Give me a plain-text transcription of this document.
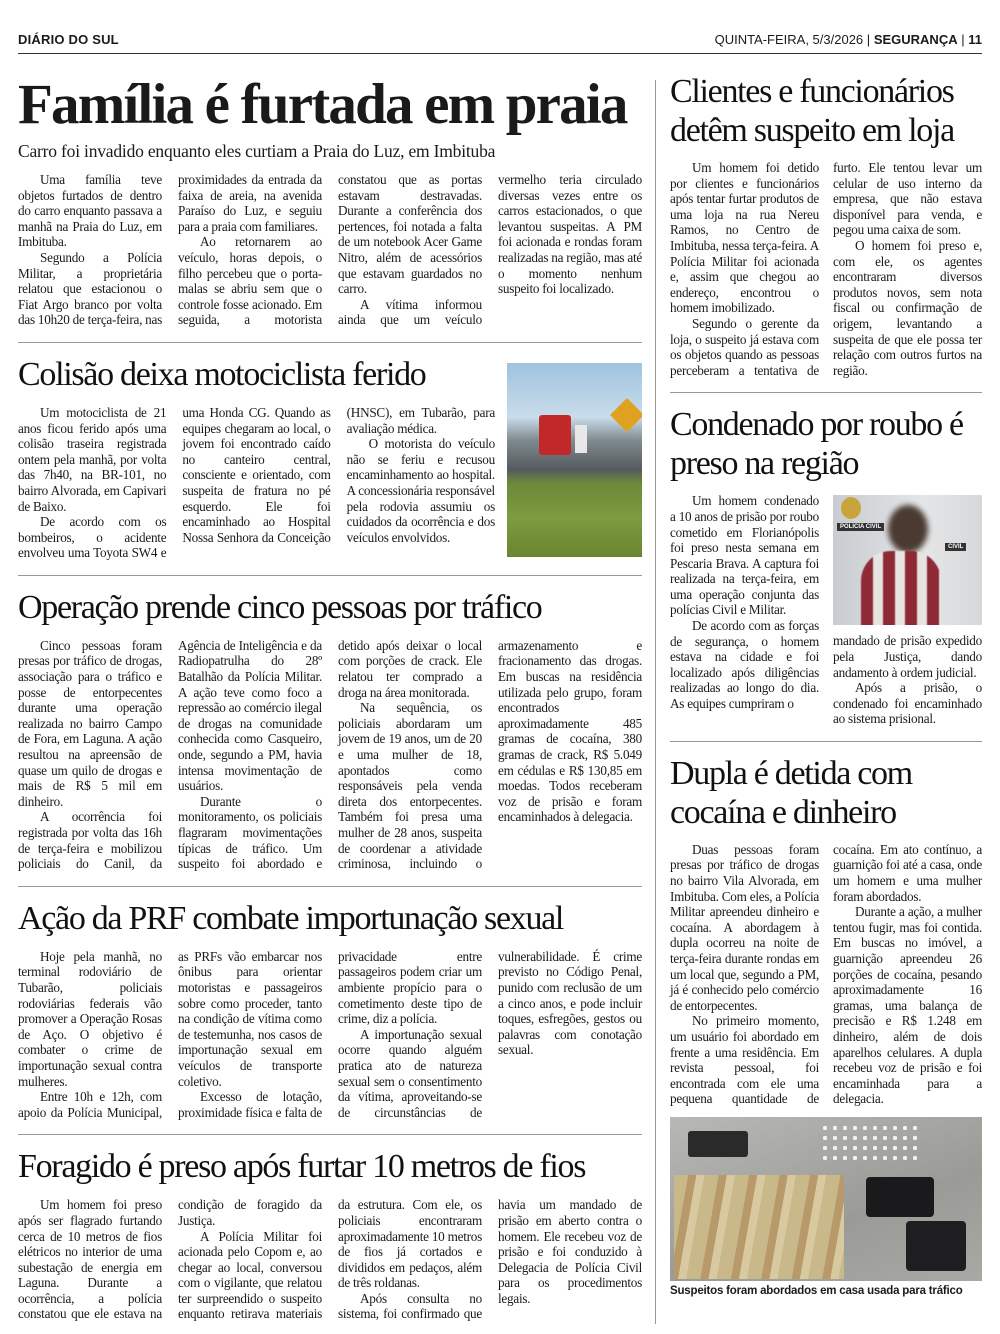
DIÁRIO DO SUL	QUINTA-FEIRA, 5/3/2026 | SEGURANÇA | 11
Família é furtada em praia
Carro foi invadido enquanto eles curtiam a Praia do Luz, em Imbituba

Uma família teve objetos furtados de dentro do carro enquanto passava a manhã na Praia do Luz, em Imbituba.

Segundo a Polícia Militar, a proprietária relatou que estacionou o Fiat Argo branco por volta das 10h20 de terça-feira, nas proximidades da entrada da faixa de areia, na avenida Paraíso do Luz, e seguiu para a praia com familiares.

Ao retornarem ao veículo, horas depois, o filho percebeu que o porta-malas se abriu sem que o controle fosse acionado. Em seguida, a motorista constatou que as portas estavam destravadas. Durante a conferência dos pertences, foi notada a falta de um notebook Acer Game Nitro, além de acessórios que estavam guardados no carro.

A vítima informou ainda que um veículo vermelho teria circulado diversas vezes entre os carros estacionados, o que levantou suspeitas. A PM foi acionada e rondas foram realizadas na região, mas até o momento nenhum suspeito foi localizado.

Colisão deixa motociclista ferido

Um motociclista de 21 anos ficou ferido após uma colisão traseira registrada ontem pela manhã, por volta das 7h40, na BR-101, no bairro Alvorada, em Capivari de Baixo.

De acordo com os bombeiros, o acidente envolveu uma Toyota SW4 e uma Honda CG. Quando as equipes chegaram ao local, o jovem foi encontrado caído no canteiro central, consciente e orientado, com suspeita de fratura no pé esquerdo. Ele foi encaminhado ao Hospital Nossa Senhora da Conceição (HNSC), em Tubarão, para avaliação médica.

O motorista do veículo não se feriu e recusou encaminhamento ao hospital. A concessionária responsável pela rodovia assumiu os cuidados da ocorrência e dos veículos envolvidos.

Operação prende cinco pessoas por tráfico

Cinco pessoas foram presas por tráfico de drogas, associação para o tráfico e posse de entorpecentes durante uma operação realizada no bairro Campo de Fora, em Laguna. A ação resultou na apreensão de quase um quilo de drogas e mais de R$ 5 mil em dinheiro.

A ocorrência foi registrada por volta das 16h de terça-feira e mobilizou policiais do Canil, da Agência de Inteligência e da Radiopatrulha do 28º Batalhão da Polícia Militar. A ação teve como foco a repressão ao comércio ilegal de drogas na comunidade conhecida como Casqueiro, onde, segundo a PM, havia intensa movimentação de usuários.

Durante o monitoramento, os policiais flagraram movimentações típicas de tráfico. Um suspeito foi abordado e detido após deixar o local com porções de crack. Ele relatou ter comprado a droga na área monitorada.

Na sequência, os policiais abordaram um jovem de 19 anos, um de 20 e uma mulher de 18, apontados como responsáveis pela venda direta dos entorpecentes. Também foi presa uma mulher de 28 anos, suspeita de coordenar a atividade criminosa, incluindo o armazenamento e fracionamento das drogas. Em buscas na residência utilizada pelo grupo, foram encontrados aproximadamente 485 gramas de cocaína, 380 gramas de crack, R$ 5.049 em cédulas e R$ 130,85 em moedas. Todos receberam voz de prisão e foram encaminhados à delegacia.

Ação da PRF combate importunação sexual

Hoje pela manhã, no terminal rodoviário de Tubarão, policiais rodoviárias federais vão promover a Operação Rosas de Aço. O objetivo é combater o crime de importunação sexual contra mulheres.

Entre 10h e 12h, com apoio da Polícia Municipal, as PRFs vão embarcar nos ônibus para orientar motoristas e passageiros sobre como proceder, tanto na condição de vítima como de testemunha, nos casos de importunação sexual em veículos de transporte coletivo.

Excesso de lotação, proximidade física e falta de privacidade entre passageiros podem criar um ambiente propício para o cometimento deste tipo de crime, diz a polícia.

A importunação sexual ocorre quando alguém pratica ato de natureza sexual sem o consentimento da vítima, aproveitando-se de circunstâncias de vulnerabilidade. É crime previsto no Código Penal, punido com reclusão de um a cinco anos, e pode incluir toques, esfregões, gestos ou palavras com conotação sexual.

Foragido é preso após furtar 10 metros de fios

Um homem foi preso após ser flagrado furtando cerca de 10 metros de fios elétricos no interior de uma subestação de energia em Laguna. Durante a ocorrência, a polícia constatou que ele estava na condição de foragido da Justiça.

A Polícia Militar foi acionada pelo Copom e, ao chegar ao local, conversou com o vigilante, que relatou ter surpreendido o suspeito enquanto retirava materiais da estrutura. Com ele, os policiais encontraram aproximadamente 10 metros de fios já cortados e divididos em pedaços, além de três roldanas.

Após consulta no sistema, foi confirmado que havia um mandado de prisão em aberto contra o homem. Ele recebeu voz de prisão e foi conduzido à Delegacia de Polícia Civil para os procedimentos legais.

Clientes e funcionários detêm suspeito em loja

Um homem foi detido por clientes e funcionários após tentar furtar produtos de uma loja na rua Nereu Ramos, no Centro de Imbituba, nessa terça-feira. A Polícia Militar foi acionada e, assim que chegou ao endereço, encontrou o homem imobilizado.

Segundo o gerente da loja, o suspeito já estava com os objetos quando as pessoas perceberam a tentativa de furto. Ele tentou levar um celular de uso interno da empresa, que não estava disponível para venda, e pegou uma caixa de som.

O homem foi preso e, com ele, os agentes encontraram diversos produtos novos, sem nota fiscal ou confirmação de origem, levantando a suspeita de que ele possa ter relação com outros furtos na região.

Condenado por roubo é preso na região

Um homem condenado a 10 anos de prisão por roubo cometido em Florianópolis foi preso nesta semana em Pescaria Brava. A captura foi realizada na terça-feira, em uma operação conjunta das polícias Civil e Militar.

De acordo com as forças de segurança, o homem estava na cidade e foi localizado após diligências realizadas ao longo do dia. As equipes cumpriram o

POLICIA CIVIL
CIVIL

mandado de prisão expedido pela Justiça, dando andamento à ordem judicial.

Após a prisão, o condenado foi encaminhado ao sistema prisional.

Dupla é detida com cocaína e dinheiro

Duas pessoas foram presas por tráfico de drogas no bairro Vila Alvorada, em Imbituba. Com eles, a Polícia Militar apreendeu dinheiro e cocaína. A abordagem à dupla ocorreu na noite de terça-feira durante rondas em um local que, segundo a PM, já é conhecido pelo comércio de entorpecentes.

No primeiro momento, um usuário foi abordado em frente a uma residência. Em revista pessoal, foi encontrada com ele uma pequena quantidade de cocaína. Em ato contínuo, a guarnição foi até a casa, onde um homem e uma mulher foram abordados.

Durante a ação, a mulher tentou fugir, mas foi contida. Em buscas no imóvel, a guarnição apreendeu 26 porções de cocaína, pesando aproximadamente 16 gramas, uma balança de precisão e R$ 1.248 em dinheiro, além de dois aparelhos celulares. A dupla recebeu voz de prisão e foi encaminhada para a delegacia.

Suspeitos foram abordados em casa usada para tráfico
